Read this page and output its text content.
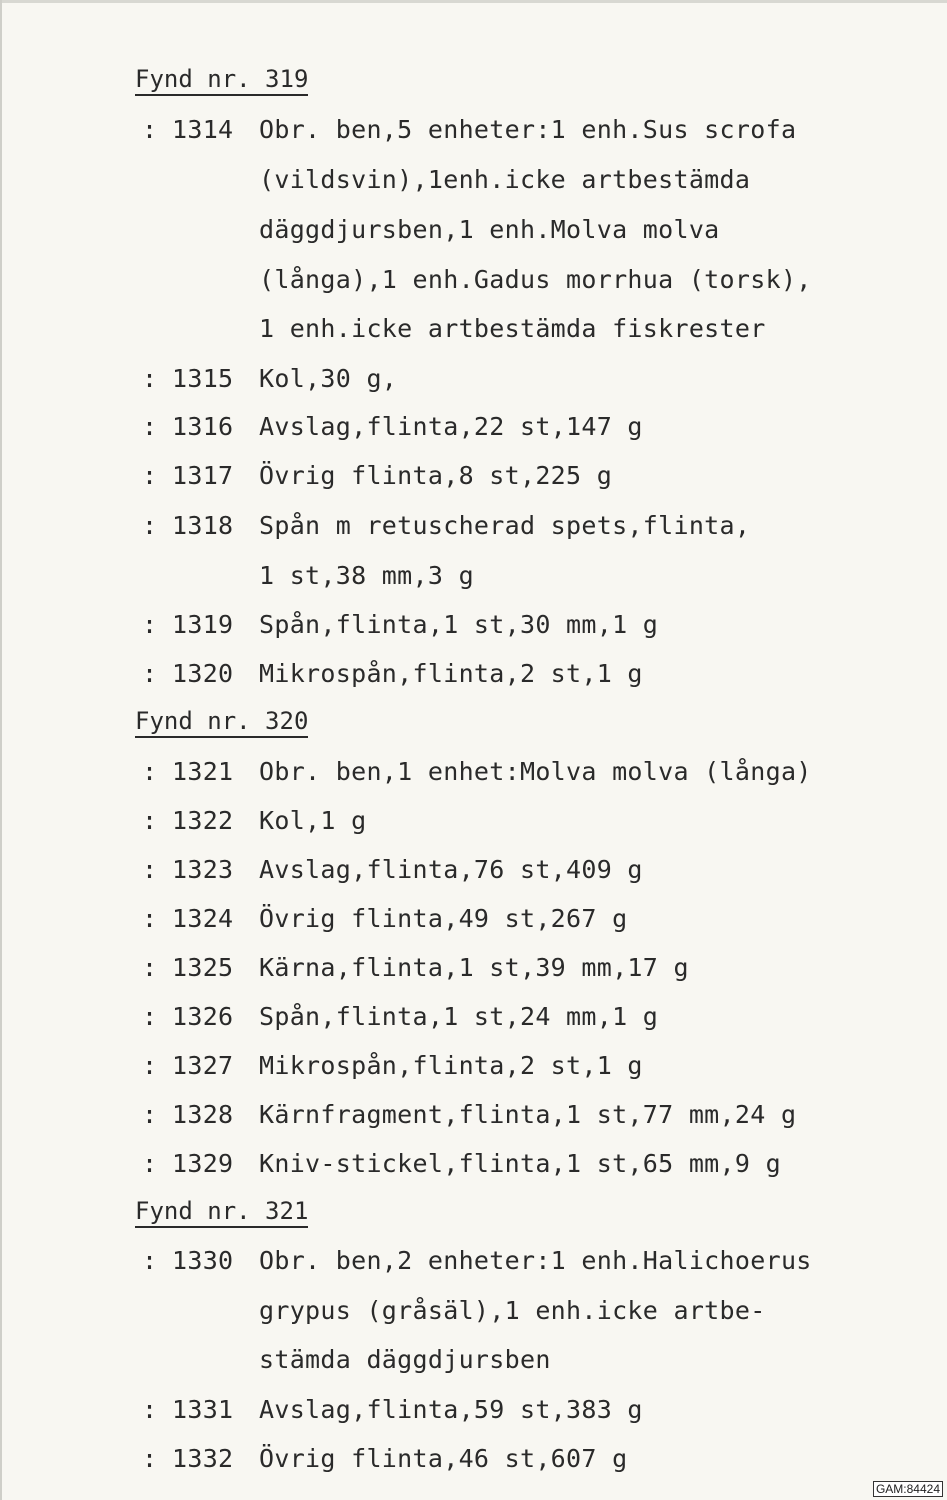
Fynd nr. 319
: 1314 Obr. ben,5 enheter:1 enh.Sus scrofa
(vildsvin),1enh.icke artbestämda
däggdjursben,1 enh.Molva molva
(långa),1 enh.Gadus morrhua (torsk),
1 enh.icke artbestämda fiskrester
: 1315 Kol,30 g,
: 1316 Avslag,flinta,22 st,147 g
: 1317 Övrig flinta,8 st,225 g
: 1318 Spån m retuscherad spets,flinta,
1 st,38 mm,3 g
: 1319 Spån,flinta,1 st,30 mm,1 g
: 1320 Mikrospån,flinta,2 st,1 g
Fynd nr. 320
: 1321 Obr. ben,1 enhet:Molva molva (långa)
: 1322 Kol,1 g
: 1323 Avslag,flinta,76 st,409 g
: 1324 Övrig flinta,49 st,267 g
: 1325 Kärna,flinta,1 st,39 mm,17 g
: 1326 Spån,flinta,1 st,24 mm,1 g
: 1327 Mikrospån,flinta,2 st,1 g
: 1328 Kärnfragment,flinta,1 st,77 mm,24 g
: 1329 Kniv-stickel,flinta,1 st,65 mm,9 g
Fynd nr. 321
: 1330 Obr. ben,2 enheter:1 enh.Halichoerus
grypus (gråsäl),1 enh.icke artbe-
stämda däggdjursben
: 1331 Avslag,flinta,59 st,383 g
: 1332 Övrig flinta,46 st,607 g
GAM:84424
